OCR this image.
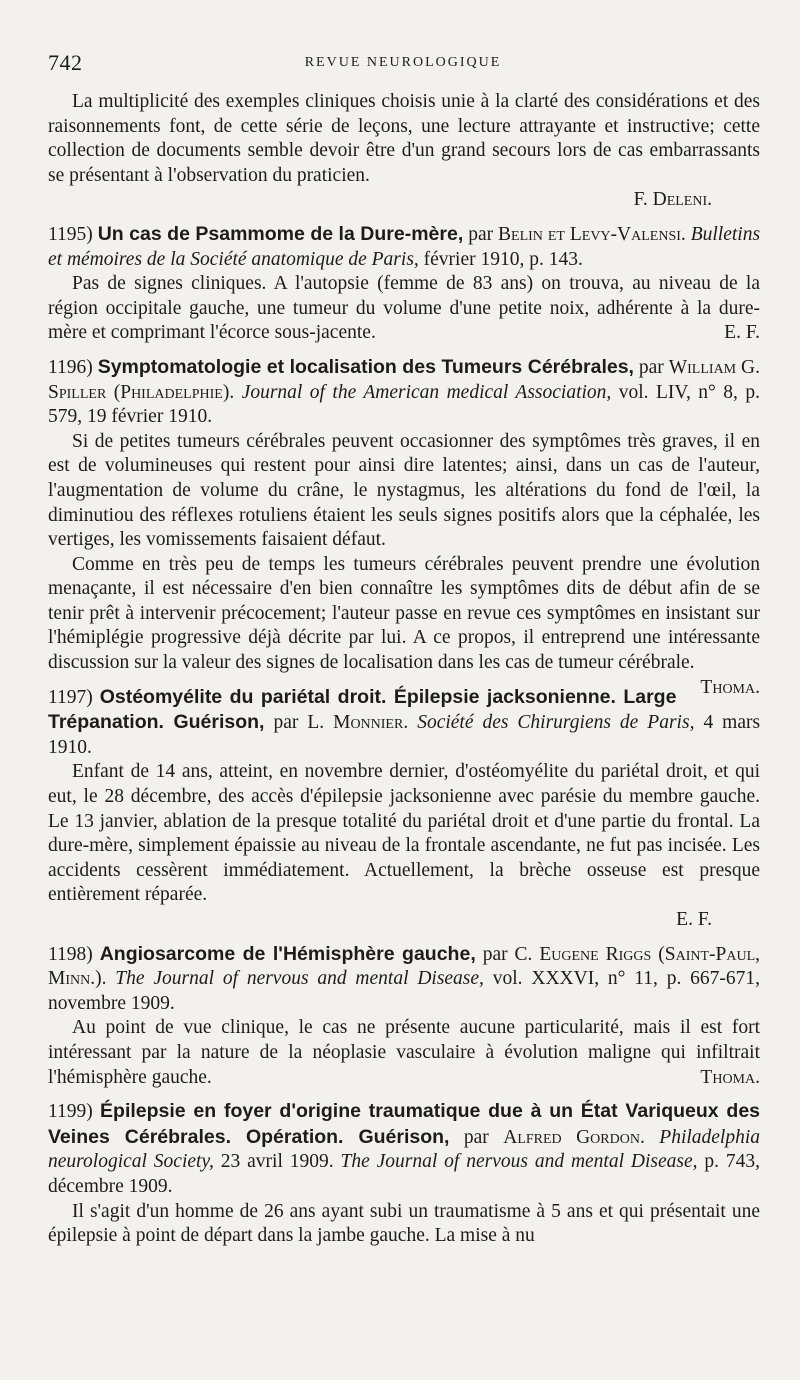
742	REVUE NEUROLOGIQUE

La multiplicité des exemples cliniques choisis unie à la clarté des considérations et des raisonnements font, de cette série de leçons, une lecture attrayante et instructive; cette collection de documents semble devoir être d'un grand secours lors de cas embarrassants se présentant à l'observation du praticien.

F. Deleni.

1195) Un cas de Psammome de la Dure-mère, par Belin et Levy-Valensi. Bulletins et mémoires de la Société anatomique de Paris, février 1910, p. 143.

Pas de signes cliniques. A l'autopsie (femme de 83 ans) on trouva, au niveau de la région occipitale gauche, une tumeur du volume d'une petite noix, adhérente à la dure-mère et comprimant l'écorce sous-jacente.	E. F.

1196) Symptomatologie et localisation des Tumeurs Cérébrales, par William G. Spiller (Philadelphie). Journal of the American medical Association, vol. LIV, n° 8, p. 579, 19 février 1910.

Si de petites tumeurs cérébrales peuvent occasionner des symptômes très graves, il en est de volumineuses qui restent pour ainsi dire latentes; ainsi, dans un cas de l'auteur, l'augmentation de volume du crâne, le nystagmus, les altérations du fond de l'œil, la diminutiou des réflexes rotuliens étaient les seuls signes positifs alors que la céphalée, les vertiges, les vomissements faisaient défaut.

Comme en très peu de temps les tumeurs cérébrales peuvent prendre une évolution menaçante, il est nécessaire d'en bien connaître les symptômes dits de début afin de se tenir prêt à intervenir précocement; l'auteur passe en revue ces symptômes en insistant sur l'hémiplégie progressive déjà décrite par lui. A ce propos, il entreprend une intéressante discussion sur la valeur des signes de localisation dans les cas de tumeur cérébrale.
Thoma.

1197) Ostéomyélite du pariétal droit. Épilepsie jacksonienne. Large Trépanation. Guérison, par L. Monnier. Société des Chirurgiens de Paris, 4 mars 1910.

Enfant de 14 ans, atteint, en novembre dernier, d'ostéomyélite du pariétal droit, et qui eut, le 28 décembre, des accès d'épilepsie jacksonienne avec parésie du membre gauche. Le 13 janvier, ablation de la presque totalité du pariétal droit et d'une partie du frontal. La dure-mère, simplement épaissie au niveau de la frontale ascendante, ne fut pas incisée. Les accidents cessèrent immédiatement. Actuellement, la brèche osseuse est presque entièrement réparée.

E. F.

1198) Angiosarcome de l'Hémisphère gauche, par C. Eugene Riggs (Saint-Paul, Minn.). The Journal of nervous and mental Disease, vol. XXXVI, n° 11, p. 667-671, novembre 1909.

Au point de vue clinique, le cas ne présente aucune particularité, mais il est fort intéressant par la nature de la néoplasie vasculaire à évolution maligne qui infiltrait l'hémisphère gauche.	Thoma.

1199) Épilepsie en foyer d'origine traumatique due à un État Variqueux des Veines Cérébrales. Opération. Guérison, par Alfred Gordon. Philadelphia neurological Society, 23 avril 1909. The Journal of nervous and mental Disease, p. 743, décembre 1909.

Il s'agit d'un homme de 26 ans ayant subi un traumatisme à 5 ans et qui présentait une épilepsie à point de départ dans la jambe gauche. La mise à nu
